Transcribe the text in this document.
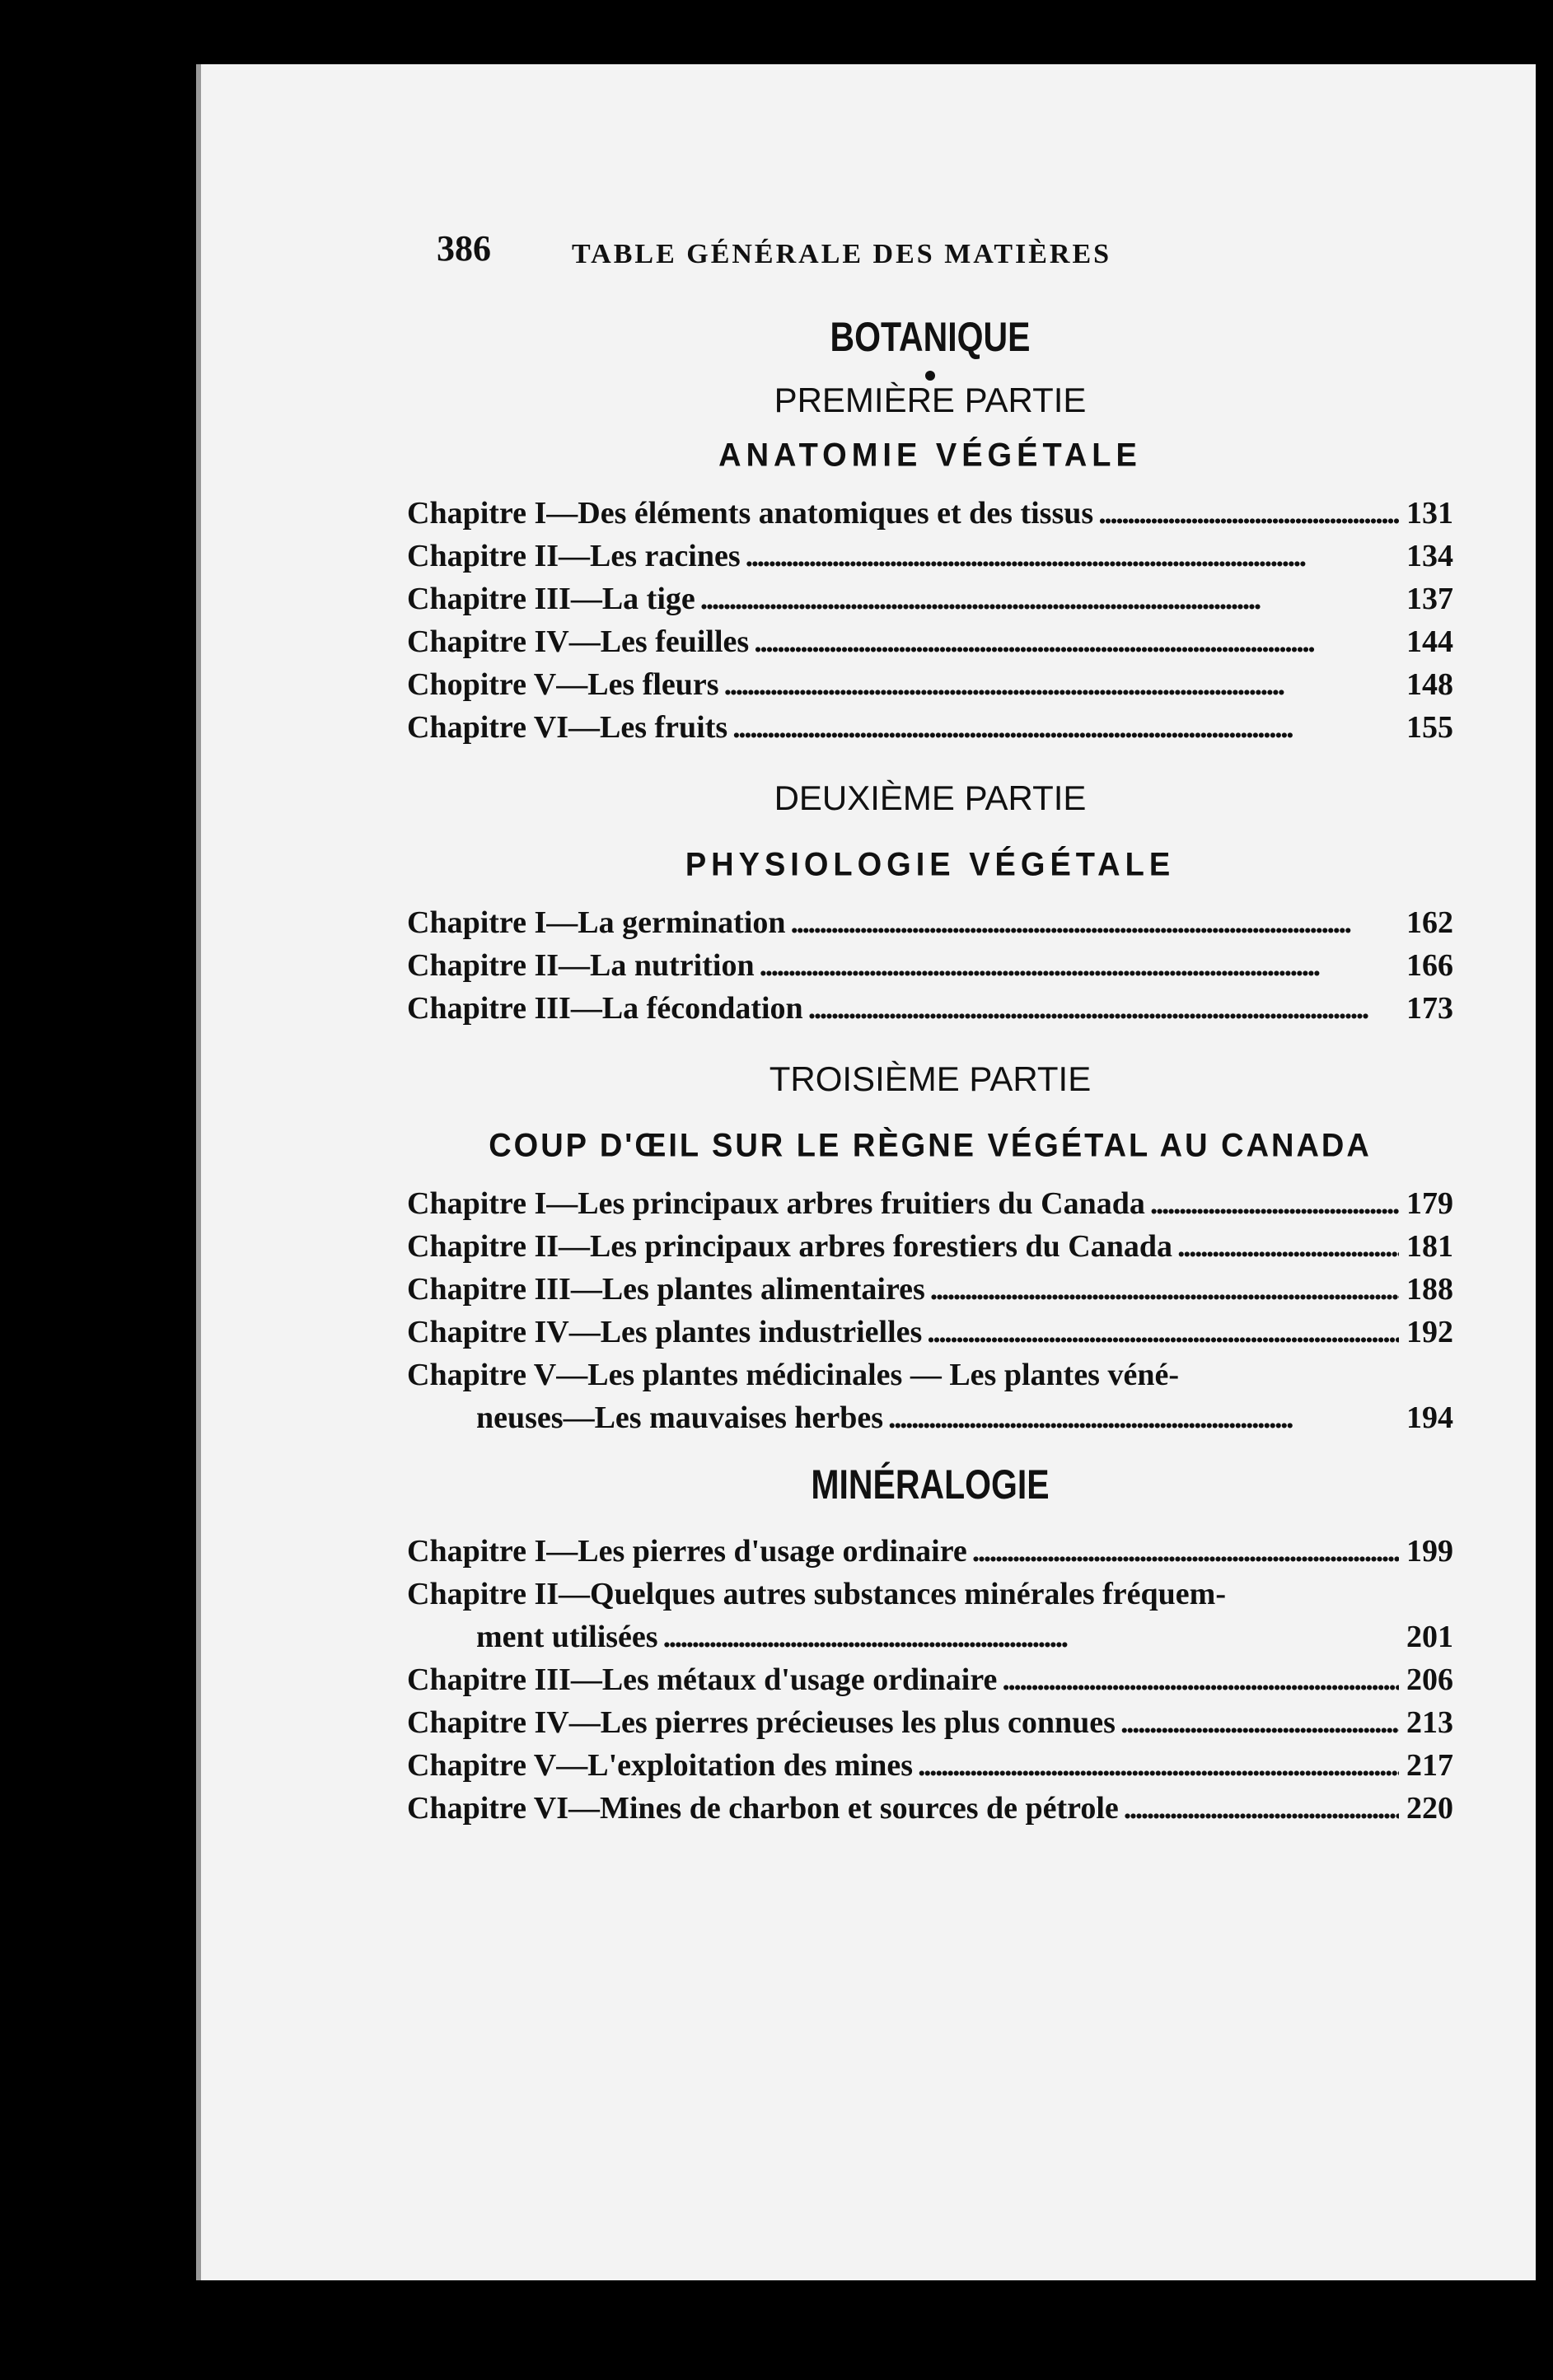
386	TABLE GÉNÉRALE DES MATIÈRES
BOTANIQUE
PREMIÈRE PARTIE
ANATOMIE VÉGÉTALE
Chapitre I—Des éléments anatomiques et des tissus . . .	131
Chapitre II—Les racines . . .	134
Chapitre III—La tige . . .	137
Chapitre IV—Les feuilles . . .	144
Chopitre V—Les fleurs . . .	148
Chapitre VI—Les fruits . . .	155
DEUXIÈME PARTIE
PHYSIOLOGIE VÉGÉTALE
Chapitre I—La germination . . .	162
Chapitre II—La nutrition . . .	166
Chapitre III—La fécondation . . .	173
TROISIÈME PARTIE
COUP D'ŒIL SUR LE RÈGNE VÉGÉTAL AU CANADA
Chapitre I—Les principaux arbres fruitiers du Canada . . .	179
Chapitre II—Les principaux arbres forestiers du Canada . . .	181
Chapitre III—Les plantes alimentaires . . .	188
Chapitre IV—Les plantes industrielles . . .	192
Chapitre V—Les plantes médicinales — Les plantes véné-
neuses—Les mauvaises herbes . . .	194
MINÉRALOGIE
Chapitre I—Les pierres d'usage ordinaire . . .	199
Chapitre II—Quelques autres substances minérales fréquem-
ment utilisées . . .	201
Chapitre III—Les métaux d'usage ordinaire . . .	206
Chapitre IV—Les pierres précieuses les plus connues . . .	213
Chapitre V—L'exploitation des mines . . .	217
Chapitre VI—Mines de charbon et sources de pétrole . . .	220
